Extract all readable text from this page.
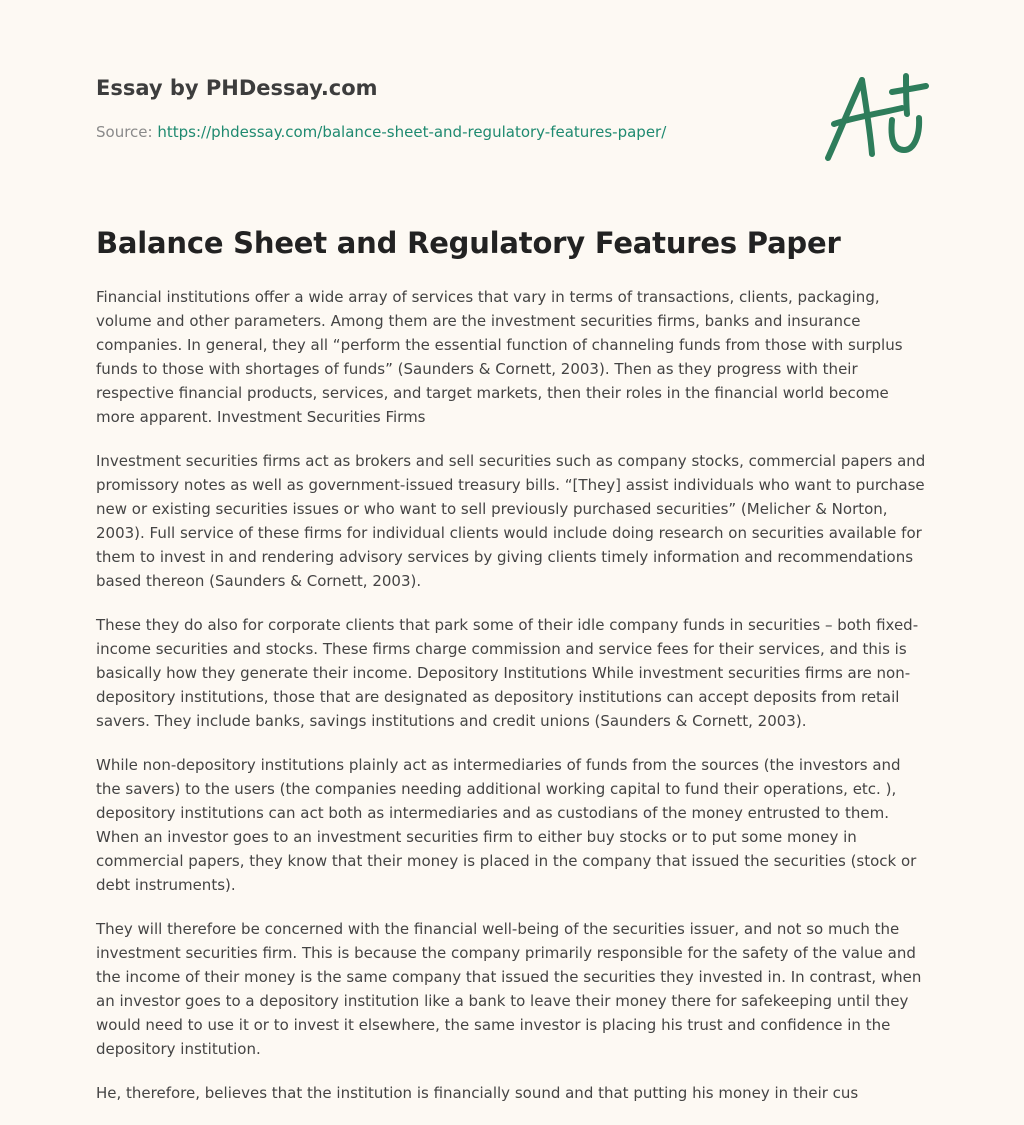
Essay by PHDessay.com
Source: https://phdessay.com/balance-sheet-and-regulatory-features-paper/
Balance Sheet and Regulatory Features Paper

Financial institutions offer a wide array of services that vary in terms of transactions, clients, packaging, volume and other parameters. Among them are the investment securities firms, banks and insurance companies. In general, they all “perform the essential function of channeling funds from those with surplus funds to those with shortages of funds” (Saunders & Cornett, 2003). Then as they progress with their respective financial products, services, and target markets, then their roles in the financial world become more apparent. Investment Securities Firms

Investment securities firms act as brokers and sell securities such as company stocks, commercial papers and promissory notes as well as government-issued treasury bills. “[They] assist individuals who want to purchase new or existing securities issues or who want to sell previously purchased securities” (Melicher & Norton, 2003). Full service of these firms for individual clients would include doing research on securities available for them to invest in and rendering advisory services by giving clients timely information and recommendations based thereon (Saunders & Cornett, 2003).

These they do also for corporate clients that park some of their idle company funds in securities – both fixed-income securities and stocks. These firms charge commission and service fees for their services, and this is basically how they generate their income. Depository Institutions While investment securities firms are non-depository institutions, those that are designated as depository institutions can accept deposits from retail savers. They include banks, savings institutions and credit unions (Saunders & Cornett, 2003).

While non-depository institutions plainly act as intermediaries of funds from the sources (the investors and the savers) to the users (the companies needing additional working capital to fund their operations, etc. ), depository institutions can act both as intermediaries and as custodians of the money entrusted to them. When an investor goes to an investment securities firm to either buy stocks or to put some money in commercial papers, they know that their money is placed in the company that issued the securities (stock or debt instruments).

They will therefore be concerned with the financial well-being of the securities issuer, and not so much the investment securities firm. This is because the company primarily responsible for the safety of the value and the income of their money is the same company that issued the securities they invested in. In contrast, when an investor goes to a depository institution like a bank to leave their money there for safekeeping until they would need to use it or to invest it elsewhere, the same investor is placing his trust and confidence in the depository institution.

He, therefore, believes that the institution is financially sound and that putting his money in their cus
